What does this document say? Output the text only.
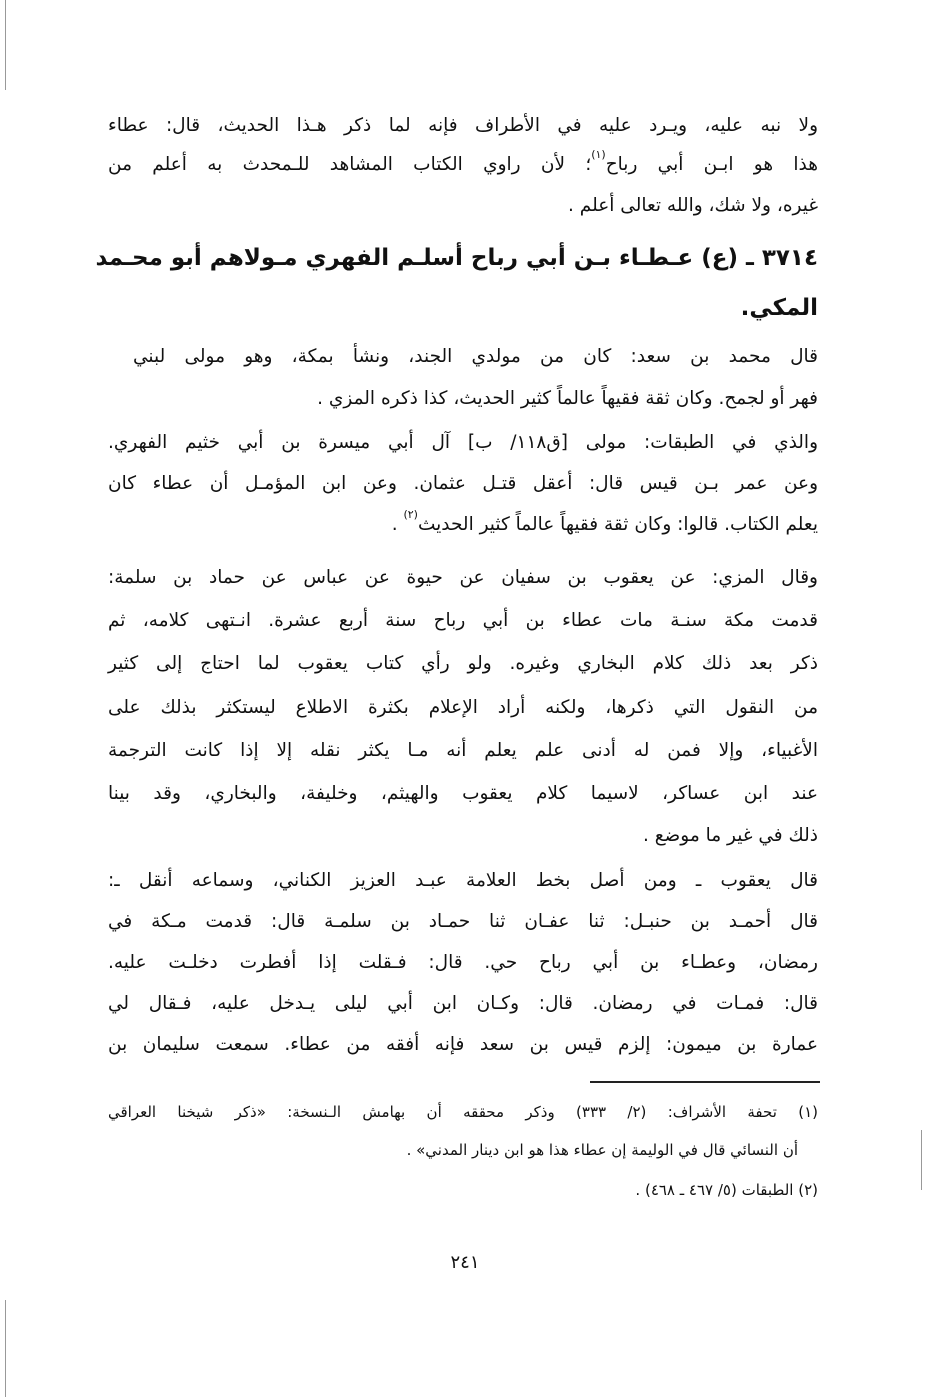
ولا نبه عليه، ويـرد عليه في الأطراف فإنه لما ذكر هـذا الحديث، قال: عطاء
هذا هو ابـن أبي رباح$^{(١)}$؛ لأن راوي الكتاب المشاهد للـمحدث به أعلم من
غيره، ولا شك، والله تعالى أعلم .
٣٧١٤ ـ (ع) عـطـاء بـن أبي رباح أسلـم الفهري مـولاهم أبو محـمد
المكي.
قال محمد بن سعد: كان من مولدي الجند، ونشأ بمكة، وهو مولى لبني
فهر أو لجمح. وكان ثقة فقيهاً عالماً كثير الحديث، كذا ذكره المزي .
والذي في الطبقات: مولى [ق١١٨/ ب] آل أبي ميسرة بن أبي خثيم الفهري.
وعن عمر بـن قيس قال: أعقل قتـل عثمان. وعن ابن المؤمـل أن عطاء كان
يعلم الكتاب. قالوا: وكان ثقة فقيهاً عالماً كثير الحديث$^{(٢)}$ .
وقال المزي: عن يعقوب بن سفيان عن حيوة عن عباس عن حماد بن سلمة:
قدمت مكة سنـة مات عطاء بن أبي رباح سنة أربع عشرة. انـتهى كلامه، ثم
ذكر بعد ذلك كلام البخاري وغيره. ولو رأي كتاب يعقوب لما احتاج إلى كثير
من النقول التي ذكرها، ولكنه أراد الإعلام بكثرة الاطلاع ليستكثر بذلك على
الأغبياء، وإلا فمن له أدنى علم يعلم أنه مـا يكثر نقله إلا إذا كانت الترجمة
عند ابن عساكر، لاسيما كلام يعقوب والهيثم، وخليفة، والبخاري، وقد بينا
ذلك في غير ما موضع .
قال يعقوب ـ ومن أصل بخط العلامة عبـد العزيز الكناني، وسماعه أنقل ـ:
قال أحمـد بن حنبـل: ثنا عفـان ثنا حمـاد بن سلمـة قال: قدمت مـكة في
رمضان، وعطـاء بن أبي رباح حي. قال: فـقلت إذا أفطرت دخلـت عليه.
قال: فمـات في رمضان. قال: وكـان ابن أبي ليلى يـدخل عليه، فـقال لي
عمارة بن ميمون: إلزم قيس بن سعد فإنه أفقه من عطاء. سمعت سليمان بن
(١) تحفة الأشراف: (٢/ ٣٣٣) وذكر محققه أن بهامش الـنسخة: «ذكر شيخنا العراقي
أن النسائي قال في الوليمة إن عطاء هذا هو ابن دينار المدني» .
(٢) الطبقات (٥/ ٤٦٧ ـ ٤٦٨) .
٢٤١
